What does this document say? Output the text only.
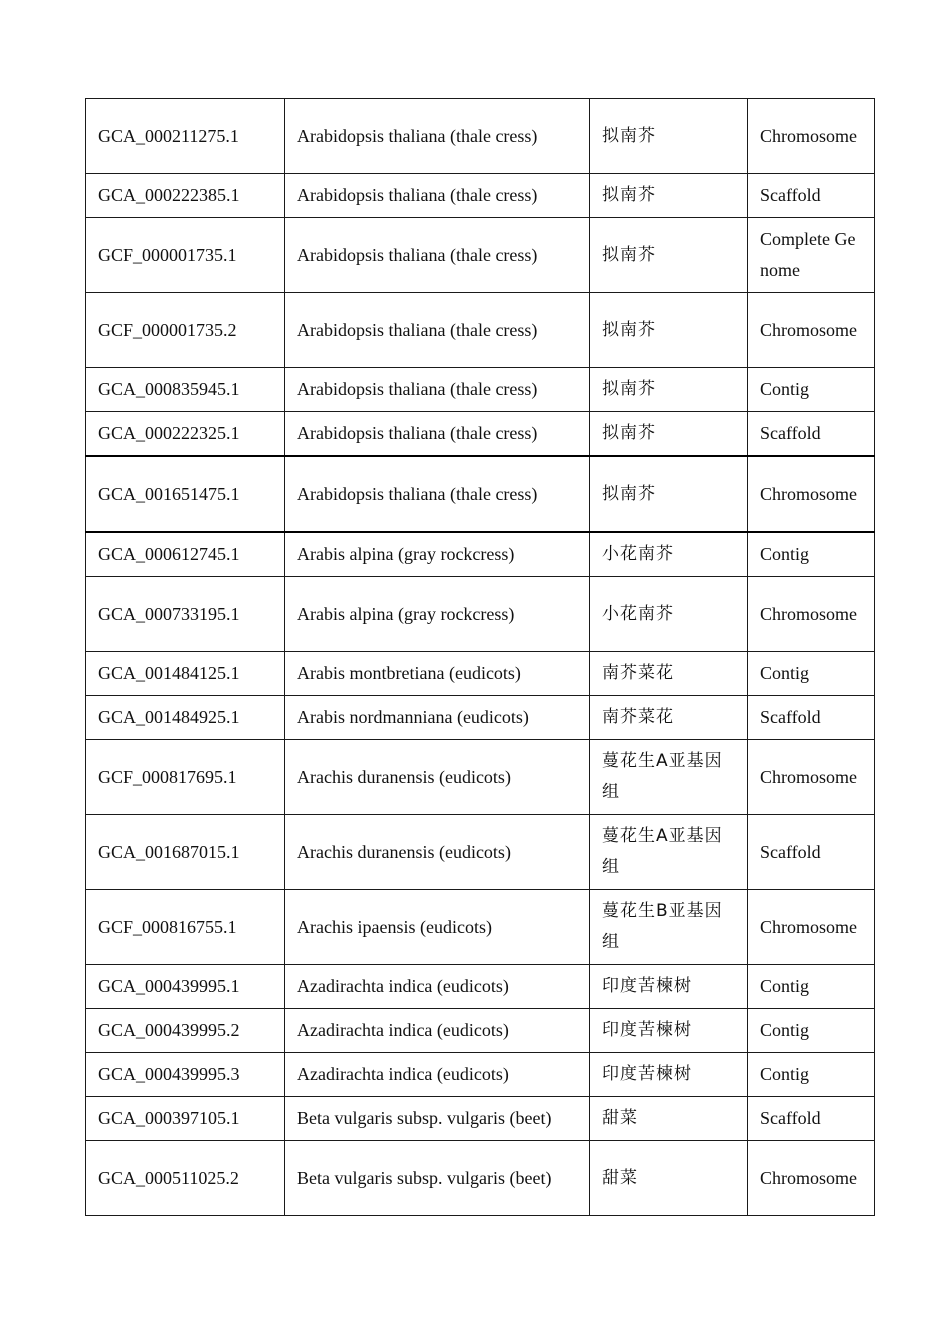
GCA_000211275.1	Arabidopsis thaliana (thale cress)	拟南芥	Chromosome
GCA_000222385.1	Arabidopsis thaliana (thale cress)	拟南芥	Scaffold
GCF_000001735.1	Arabidopsis thaliana (thale cress)	拟南芥	Complete Genome
GCF_000001735.2	Arabidopsis thaliana (thale cress)	拟南芥	Chromosome
GCA_000835945.1	Arabidopsis thaliana (thale cress)	拟南芥	Contig
GCA_000222325.1	Arabidopsis thaliana (thale cress)	拟南芥	Scaffold
GCA_001651475.1	Arabidopsis thaliana (thale cress)	拟南芥	Chromosome
GCA_000612745.1	Arabis alpina (gray rockcress)	小花南芥	Contig
GCA_000733195.1	Arabis alpina (gray rockcress)	小花南芥	Chromosome
GCA_001484125.1	Arabis montbretiana (eudicots)	南芥菜花	Contig
GCA_001484925.1	Arabis nordmanniana (eudicots)	南芥菜花	Scaffold
GCF_000817695.1	Arachis duranensis (eudicots)	蔓花生A亚基因组	Chromosome
GCA_001687015.1	Arachis duranensis (eudicots)	蔓花生A亚基因组	Scaffold
GCF_000816755.1	Arachis ipaensis (eudicots)	蔓花生B亚基因组	Chromosome
GCA_000439995.1	Azadirachta indica (eudicots)	印度苦楝树	Contig
GCA_000439995.2	Azadirachta indica (eudicots)	印度苦楝树	Contig
GCA_000439995.3	Azadirachta indica (eudicots)	印度苦楝树	Contig
GCA_000397105.1	Beta vulgaris subsp. vulgaris (beet)	甜菜	Scaffold
GCA_000511025.2	Beta vulgaris subsp. vulgaris (beet)	甜菜	Chromosome
